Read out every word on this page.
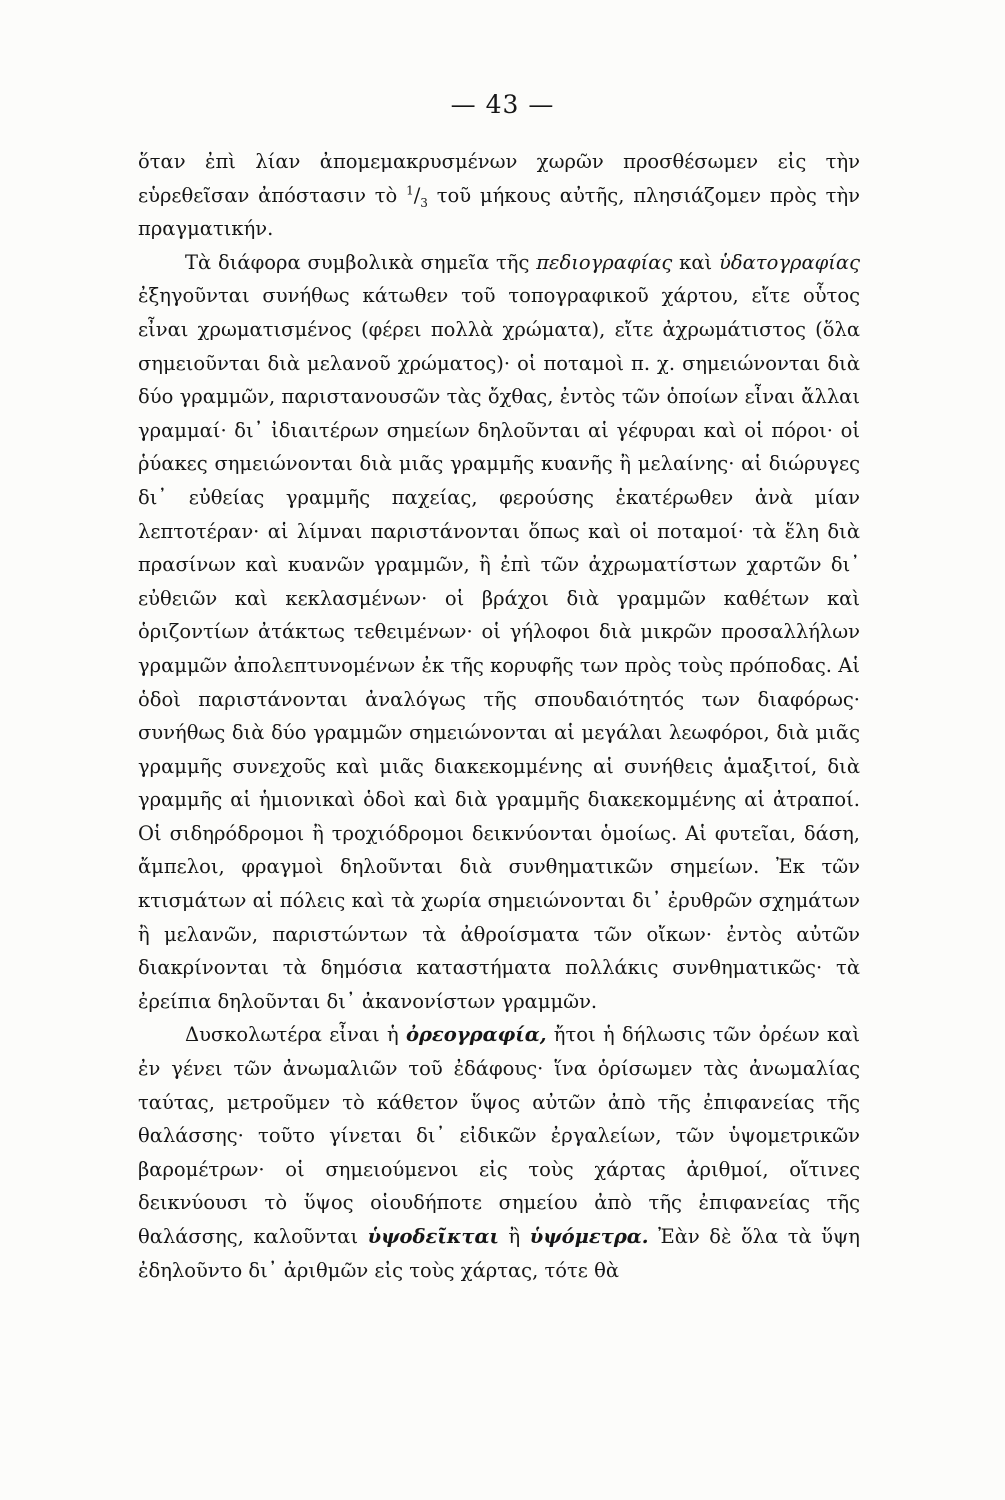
— 43 —

ὅταν ἐπὶ λίαν ἀπομεμακρυσμένων χωρῶν προσθέσωμεν εἰς τὴν εὑρεθεῖσαν ἀπόστασιν τὸ $^1/_3$ τοῦ μήκους αὐτῆς, πλησιάζομεν πρὸς τὴν πραγματικήν.

Τὰ διάφορα συμβολικὰ σημεῖα τῆς πεδιογραφίας καὶ ὑδατογραφίας ἐξηγοῦνται συνήθως κάτωθεν τοῦ τοπογραφικοῦ χάρτου, εἴτε οὗτος εἶναι χρωματισμένος (φέρει πολλὰ χρώματα), εἴτε ἀχρωμάτιστος (ὅλα σημειοῦνται διὰ μελανοῦ χρώματος)· οἱ ποταμοὶ π. χ. σημειώνονται διὰ δύο γραμμῶν, παριστανουσῶν τὰς ὄχθας, ἐντὸς τῶν ὁποίων εἶναι ἄλλαι γραμμαί· δι᾿ ἰδιαιτέρων σημείων δηλοῦνται αἱ γέφυραι καὶ οἱ πόροι· οἱ ῥύακες σημειώνονται διὰ μιᾶς γραμμῆς κυανῆς ἢ μελαίνης· αἱ διώρυγες δι᾿ εὐθείας γραμμῆς παχείας, φερούσης ἑκατέρωθεν ἀνὰ μίαν λεπτοτέραν· αἱ λίμναι παριστάνονται ὅπως καὶ οἱ ποταμοί· τὰ ἕλη διὰ πρασίνων καὶ κυανῶν γραμμῶν, ἢ ἐπὶ τῶν ἀχρωματίστων χαρτῶν δι᾿ εὐθειῶν καὶ κεκλασμένων· οἱ βράχοι διὰ γραμμῶν καθέτων καὶ ὁριζοντίων ἀτάκτως τεθειμένων· οἱ γήλοφοι διὰ μικρῶν προσαλλήλων γραμμῶν ἀπολεπτυνομένων ἐκ τῆς κορυφῆς των πρὸς τοὺς πρόποδας. Αἱ ὁδοὶ παριστάνονται ἀναλόγως τῆς σπουδαιότητός των διαφόρως· συνήθως διὰ δύο γραμμῶν σημειώνονται αἱ μεγάλαι λεωφόροι, διὰ μιᾶς γραμμῆς συνεχοῦς καὶ μιᾶς διακεκομμένης αἱ συνήθεις ἁμαξιτοί, διὰ γραμμῆς αἱ ἡμιονικαὶ ὁδοὶ καὶ διὰ γραμμῆς διακεκομμένης αἱ ἀτραποί. Οἱ σιδηρόδρομοι ἢ τροχιόδρομοι δεικνύονται ὁμοίως. Αἱ φυτεῖαι, δάση, ἄμπελοι, φραγμοὶ δηλοῦνται διὰ συνθηματικῶν σημείων. Ἐκ τῶν κτισμάτων αἱ πόλεις καὶ τὰ χωρία σημειώνονται δι᾿ ἐρυθρῶν σχημάτων ἢ μελανῶν, παριστώντων τὰ ἀθροίσματα τῶν οἴκων· ἐντὸς αὐτῶν διακρίνονται τὰ δημόσια καταστήματα πολλάκις συνθηματικῶς· τὰ ἐρείπια δηλοῦνται δι᾿ ἀκανονίστων γραμμῶν.

Δυσκολωτέρα εἶναι ἡ ὀρεογραφία, ἤτοι ἡ δήλωσις τῶν ὀρέων καὶ ἐν γένει τῶν ἀνωμαλιῶν τοῦ ἐδάφους· ἵνα ὁρίσωμεν τὰς ἀνωμαλίας ταύτας, μετροῦμεν τὸ κάθετον ὕψος αὐτῶν ἀπὸ τῆς ἐπιφανείας τῆς θαλάσσης· τοῦτο γίνεται δι᾿ εἰδικῶν ἐργαλείων, τῶν ὑψομετρικῶν βαρομέτρων· οἱ σημειούμενοι εἰς τοὺς χάρτας ἀριθμοί, οἵτινες δεικνύουσι τὸ ὕψος οἱουδήποτε σημείου ἀπὸ τῆς ἐπιφανείας τῆς θαλάσσης, καλοῦνται ὑψοδεῖκται ἢ ὑψόμετρα. Ἐὰν δὲ ὅλα τὰ ὕψη ἐδηλοῦντο δι᾿ ἀριθμῶν εἰς τοὺς χάρτας, τότε θὰ
